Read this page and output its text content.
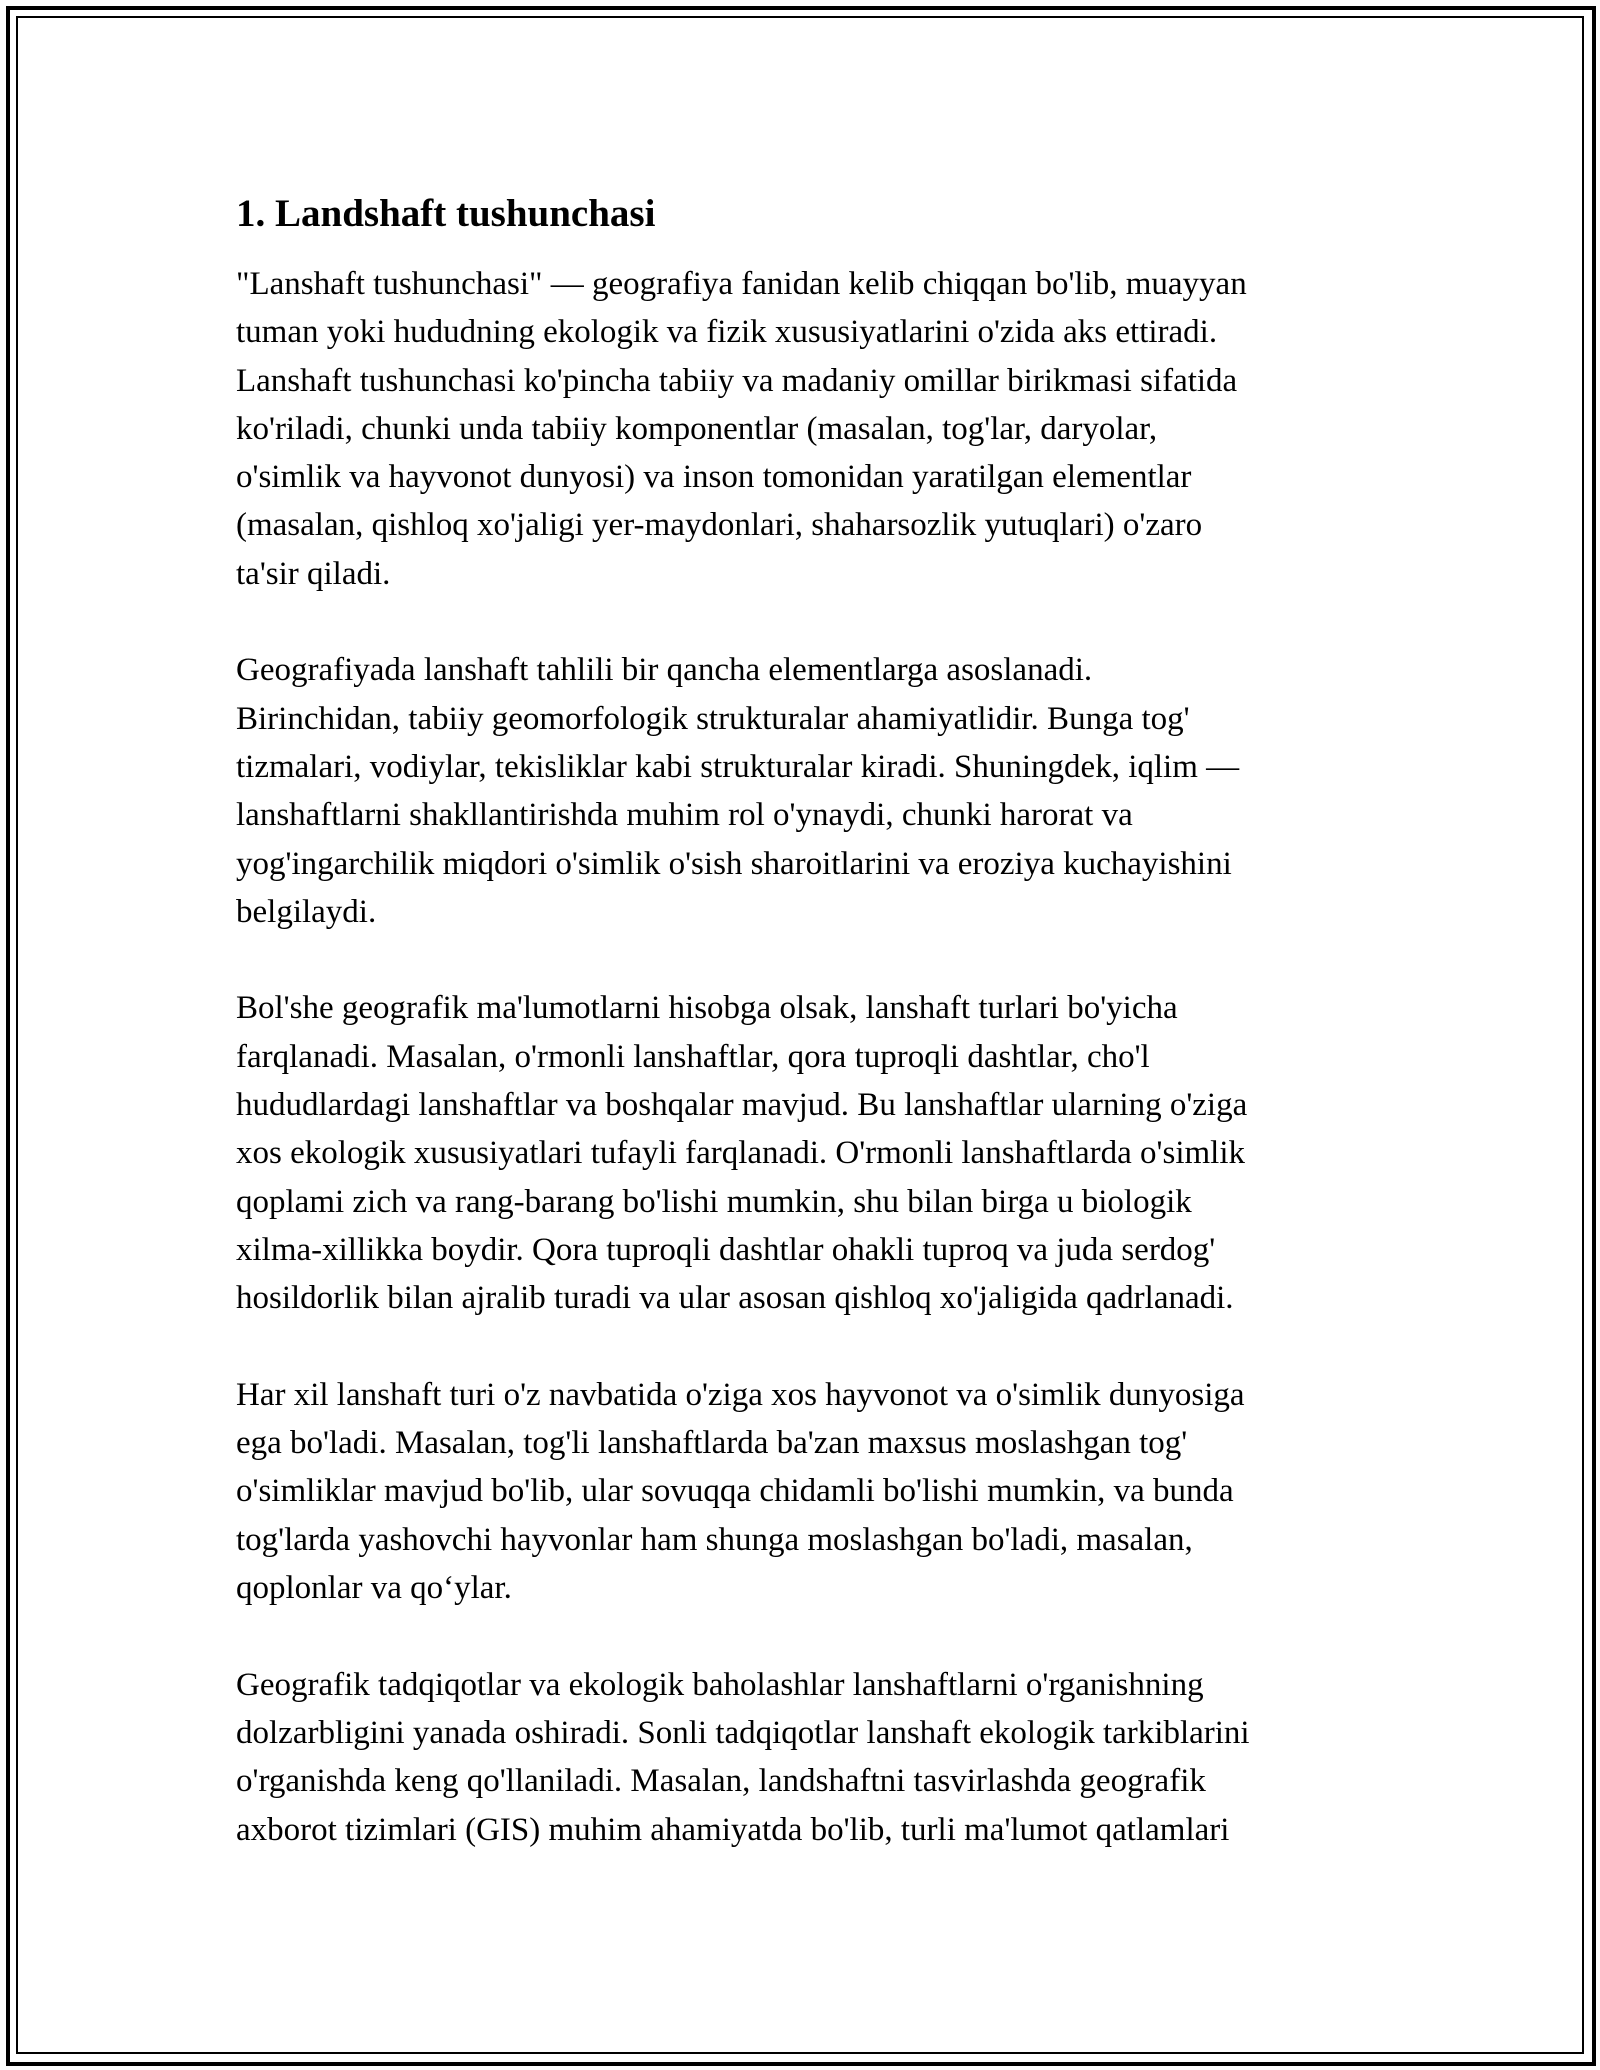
1. Landshaft tushunchasi

"Lanshaft tushunchasi" — geografiya fanidan kelib chiqqan bo'lib, muayyan
tuman yoki hududning ekologik va fizik xususiyatlarini o'zida aks ettiradi.
Lanshaft tushunchasi ko'pincha tabiiy va madaniy omillar birikmasi sifatida
ko'riladi, chunki unda tabiiy komponentlar (masalan, tog'lar, daryolar,
o'simlik va hayvonot dunyosi) va inson tomonidan yaratilgan elementlar
(masalan, qishloq xo'jaligi yer-maydonlari, shaharsozlik yutuqlari) o'zaro
ta'sir qiladi.

Geografiyada lanshaft tahlili bir qancha elementlarga asoslanadi.
Birinchidan, tabiiy geomorfologik strukturalar ahamiyatlidir. Bunga tog'
tizmalari, vodiylar, tekisliklar kabi strukturalar kiradi. Shuningdek, iqlim —
lanshaftlarni shakllantirishda muhim rol o'ynaydi, chunki harorat va
yog'ingarchilik miqdori o'simlik o'sish sharoitlarini va eroziya kuchayishini
belgilaydi.

Bol'she geografik ma'lumotlarni hisobga olsak, lanshaft turlari bo'yicha
farqlanadi. Masalan, o'rmonli lanshaftlar, qora tuproqli dashtlar, cho'l
hududlardagi lanshaftlar va boshqalar mavjud. Bu lanshaftlar ularning o'ziga
xos ekologik xususiyatlari tufayli farqlanadi. O'rmonli lanshaftlarda o'simlik
qoplami zich va rang-barang bo'lishi mumkin, shu bilan birga u biologik
xilma-xillikka boydir. Qora tuproqli dashtlar ohakli tuproq va juda serdog'
hosildorlik bilan ajralib turadi va ular asosan qishloq xo'jaligida qadrlanadi.

Har xil lanshaft turi o'z navbatida o'ziga xos hayvonot va o'simlik dunyosiga
ega bo'ladi. Masalan, tog'li lanshaftlarda ba'zan maxsus moslashgan tog'
o'simliklar mavjud bo'lib, ular sovuqqa chidamli bo'lishi mumkin, va bunda
tog'larda yashovchi hayvonlar ham shunga moslashgan bo'ladi, masalan,
qoplonlar va qo‘ylar.

Geografik tadqiqotlar va ekologik baholashlar lanshaftlarni o'rganishning
dolzarbligini yanada oshiradi. Sonli tadqiqotlar lanshaft ekologik tarkiblarini
o'rganishda keng qo'llaniladi. Masalan, landshaftni tasvirlashda geografik
axborot tizimlari (GIS) muhim ahamiyatda bo'lib, turli ma'lumot qatlamlari
